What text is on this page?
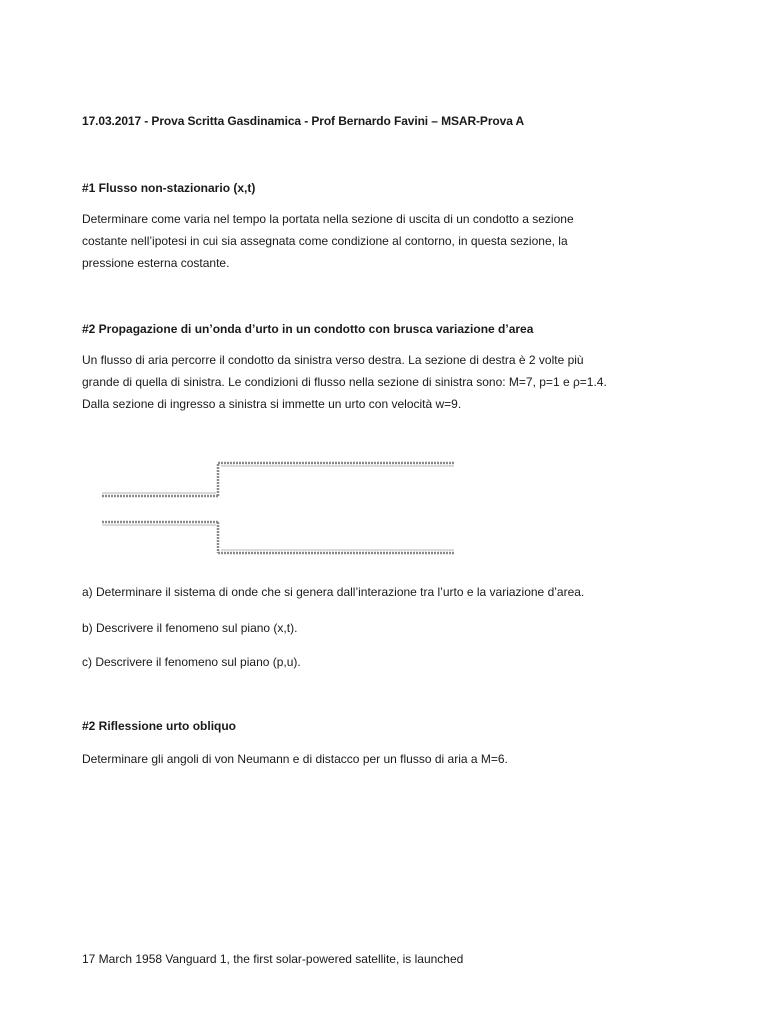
17.03.2017 - Prova Scritta Gasdinamica - Prof Bernardo Favini – MSAR-Prova A
#1 Flusso non-stazionario (x,t)
Determinare come varia nel tempo la portata nella sezione di uscita di un condotto a sezione
costante nell’ipotesi in cui sia assegnata come condizione al contorno, in questa sezione, la
pressione esterna costante.
#2 Propagazione di un’onda d’urto in un condotto con brusca variazione d’area
Un flusso di aria percorre il condotto da sinistra verso destra. La sezione di destra è 2 volte più
grande di quella di sinistra. Le condizioni di flusso nella sezione di sinistra sono: M=7, p=1 e ρ=1.4.
Dalla sezione di ingresso a sinistra si immette un urto con velocità w=9.
a) Determinare il sistema di onde che si genera dall’interazione tra l’urto e la variazione d’area.
b) Descrivere il fenomeno sul piano (x,t).
c) Descrivere il fenomeno sul piano (p,u).
#2 Riflessione urto obliquo
Determinare gli angoli di von Neumann e di distacco per un flusso di aria a M=6.
17 March 1958 Vanguard 1, the first solar-powered satellite, is launched
